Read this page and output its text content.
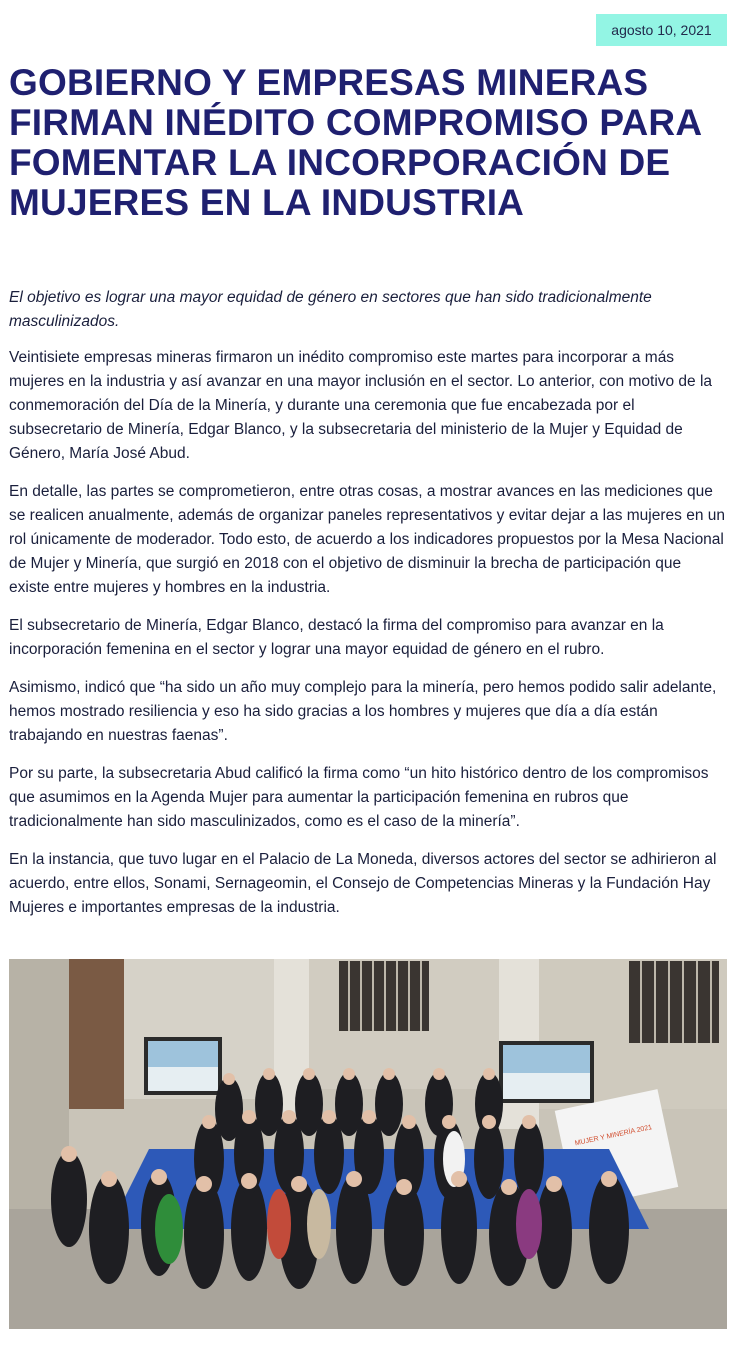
agosto 10, 2021
GOBIERNO Y EMPRESAS MINERAS FIRMAN INÉDITO COMPROMISO PARA FOMENTAR LA INCORPORACIÓN DE MUJERES EN LA INDUSTRIA

El objetivo es lograr una mayor equidad de género en sectores que han sido tradicionalmente masculinizados.

Veintisiete empresas mineras firmaron un inédito compromiso este martes para incorporar a más mujeres en la industria y así avanzar en una mayor inclusión en el sector. Lo anterior, con motivo de la conmemoración del Día de la Minería, y durante una ceremonia que fue encabezada por el subsecretario de Minería, Edgar Blanco, y la subsecretaria del ministerio de la Mujer y Equidad de Género, María José Abud.

En detalle, las partes se comprometieron, entre otras cosas, a mostrar avances en las mediciones que se realicen anualmente, además de organizar paneles representativos y evitar dejar a las mujeres en un rol únicamente de moderador. Todo esto, de acuerdo a los indicadores propuestos por la Mesa Nacional de Mujer y Minería, que surgió en 2018 con el objetivo de disminuir la brecha de participación que existe entre mujeres y hombres en la industria.

El subsecretario de Minería, Edgar Blanco, destacó la firma del compromiso para avanzar en la incorporación femenina en el sector y lograr una mayor equidad de género en el rubro.

Asimismo, indicó que “ha sido un año muy complejo para la minería, pero hemos podido salir adelante, hemos mostrado resiliencia y eso ha sido gracias a los hombres y mujeres que día a día están trabajando en nuestras faenas”.

Por su parte, la subsecretaria Abud calificó la firma como “un hito histórico dentro de los compromisos que asumimos en la Agenda Mujer para aumentar la participación femenina en rubros que tradicionalmente han sido masculinizados, como es el caso de la minería”.

En la instancia, que tuvo lugar en el Palacio de La Moneda, diversos actores del sector se adhirieron al acuerdo, entre ellos, Sonami, Sernageomin, el Consejo de Competencias Mineras y la Fundación Hay Mujeres e importantes empresas de la industria.

MUJER Y MINERÍA 2021
